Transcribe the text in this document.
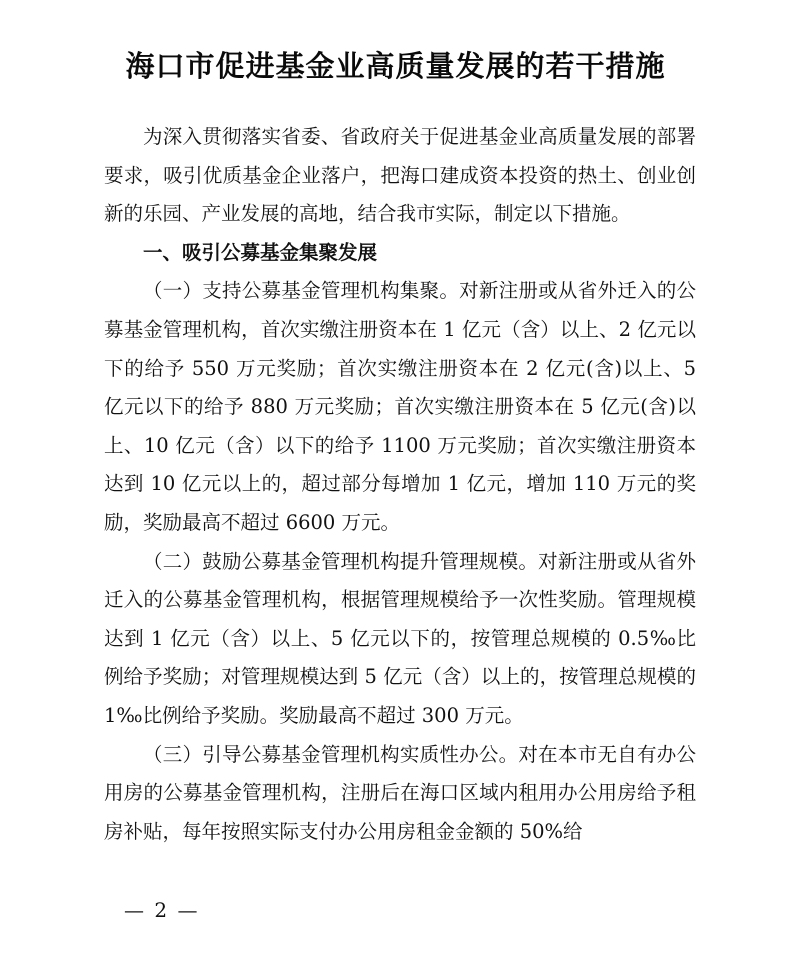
海口市促进基金业高质量发展的若干措施

为深入贯彻落实省委、省政府关于促进基金业高质量发展的部署要求，吸引优质基金企业落户，把海口建成资本投资的热土、创业创新的乐园、产业发展的高地，结合我市实际，制定以下措施。

一、吸引公募基金集聚发展

（一）支持公募基金管理机构集聚。对新注册或从省外迁入的公募基金管理机构，首次实缴注册资本在 1 亿元（含）以上、2 亿元以下的给予 550 万元奖励；首次实缴注册资本在 2 亿元(含)以上、5 亿元以下的给予 880 万元奖励；首次实缴注册资本在 5 亿元(含)以上、10 亿元（含）以下的给予 1100 万元奖励；首次实缴注册资本达到 10 亿元以上的，超过部分每增加 1 亿元，增加 110 万元的奖励，奖励最高不超过 6600 万元。

（二）鼓励公募基金管理机构提升管理规模。对新注册或从省外迁入的公募基金管理机构，根据管理规模给予一次性奖励。管理规模达到 1 亿元（含）以上、5 亿元以下的，按管理总规模的 0.5‰比例给予奖励；对管理规模达到 5 亿元（含）以上的，按管理总规模的 1‰比例给予奖励。奖励最高不超过 300 万元。

（三）引导公募基金管理机构实质性办公。对在本市无自有办公用房的公募基金管理机构，注册后在海口区域内租用办公用房给予租房补贴，每年按照实际支付办公用房租金金额的 50%给

— 2 —
